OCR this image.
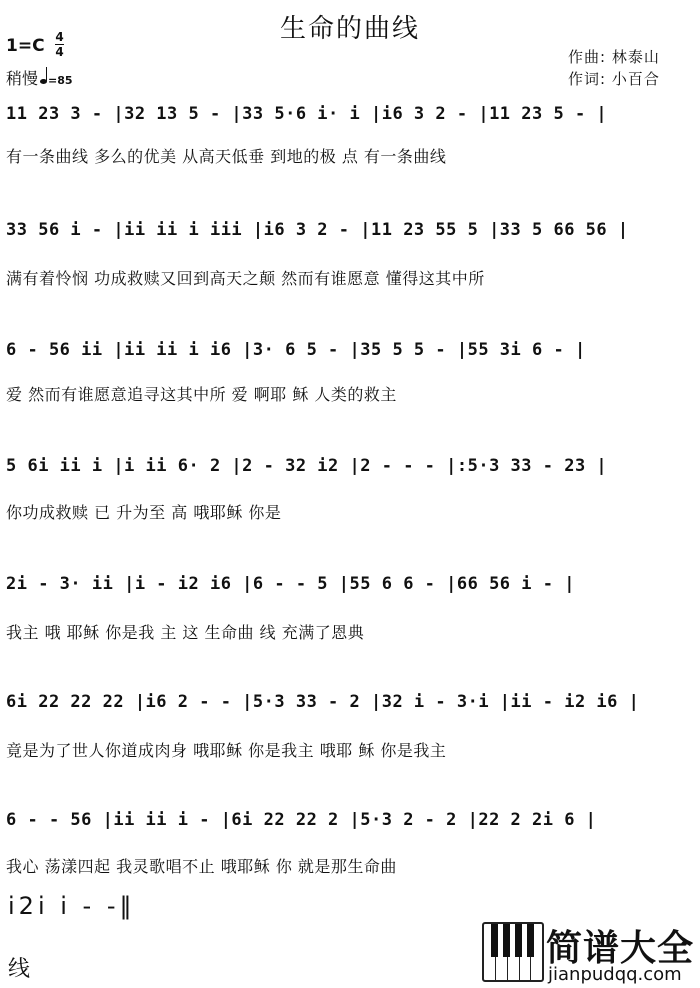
生命的曲线
1=C 4
4
稍慢 =85
作曲: 林泰山
作词: 小百合
11 23 3 - |32 13 5 - |33 5·6 i· i |i6 3 2 - |11 23 5 - |
有一条曲线 多么的优美 从高天低垂 到地的极 点 有一条曲线
33 56 i - |ii ii i iii |i6 3 2 - |11 23 55 5 |33 5 66 56 |
满有着怜悯 功成救赎又回到高天之颠 然而有谁愿意 懂得这其中所
6 - 56 ii |ii ii i i6 |3· 6 5 - |35 5 5 - |55 3i 6 - |
爱 然而有谁愿意追寻这其中所 爱 啊耶 稣 人类的救主
5 6i ii i |i ii 6· 2 |2 - 32 i2 |2 - - - |:5·3 33 - 23 |
你功成救赎 已 升为至 高 哦耶稣 你是
2i - 3· ii |i - i2 i6 |6 - - 5 |55 6 6 - |66 56 i - |
我主 哦 耶稣 你是我 主 这 生命曲 线 充满了恩典
6i 22 22 22 |i6 2 - - |5·3 33 - 2 |32 i - 3·i |ii - i2 i6 |
竟是为了世人你道成肉身 哦耶稣 你是我主 哦耶 稣 你是我主
6 - - 56 |ii ii i - |6i 22 22 2 |5·3 2 - 2 |22 2 2i 6 |
我心 荡漾四起 我灵歌唱不止 哦耶稣 你 就是那生命曲
i2i i - -‖
线
简谱大全
jianpudqq.com
